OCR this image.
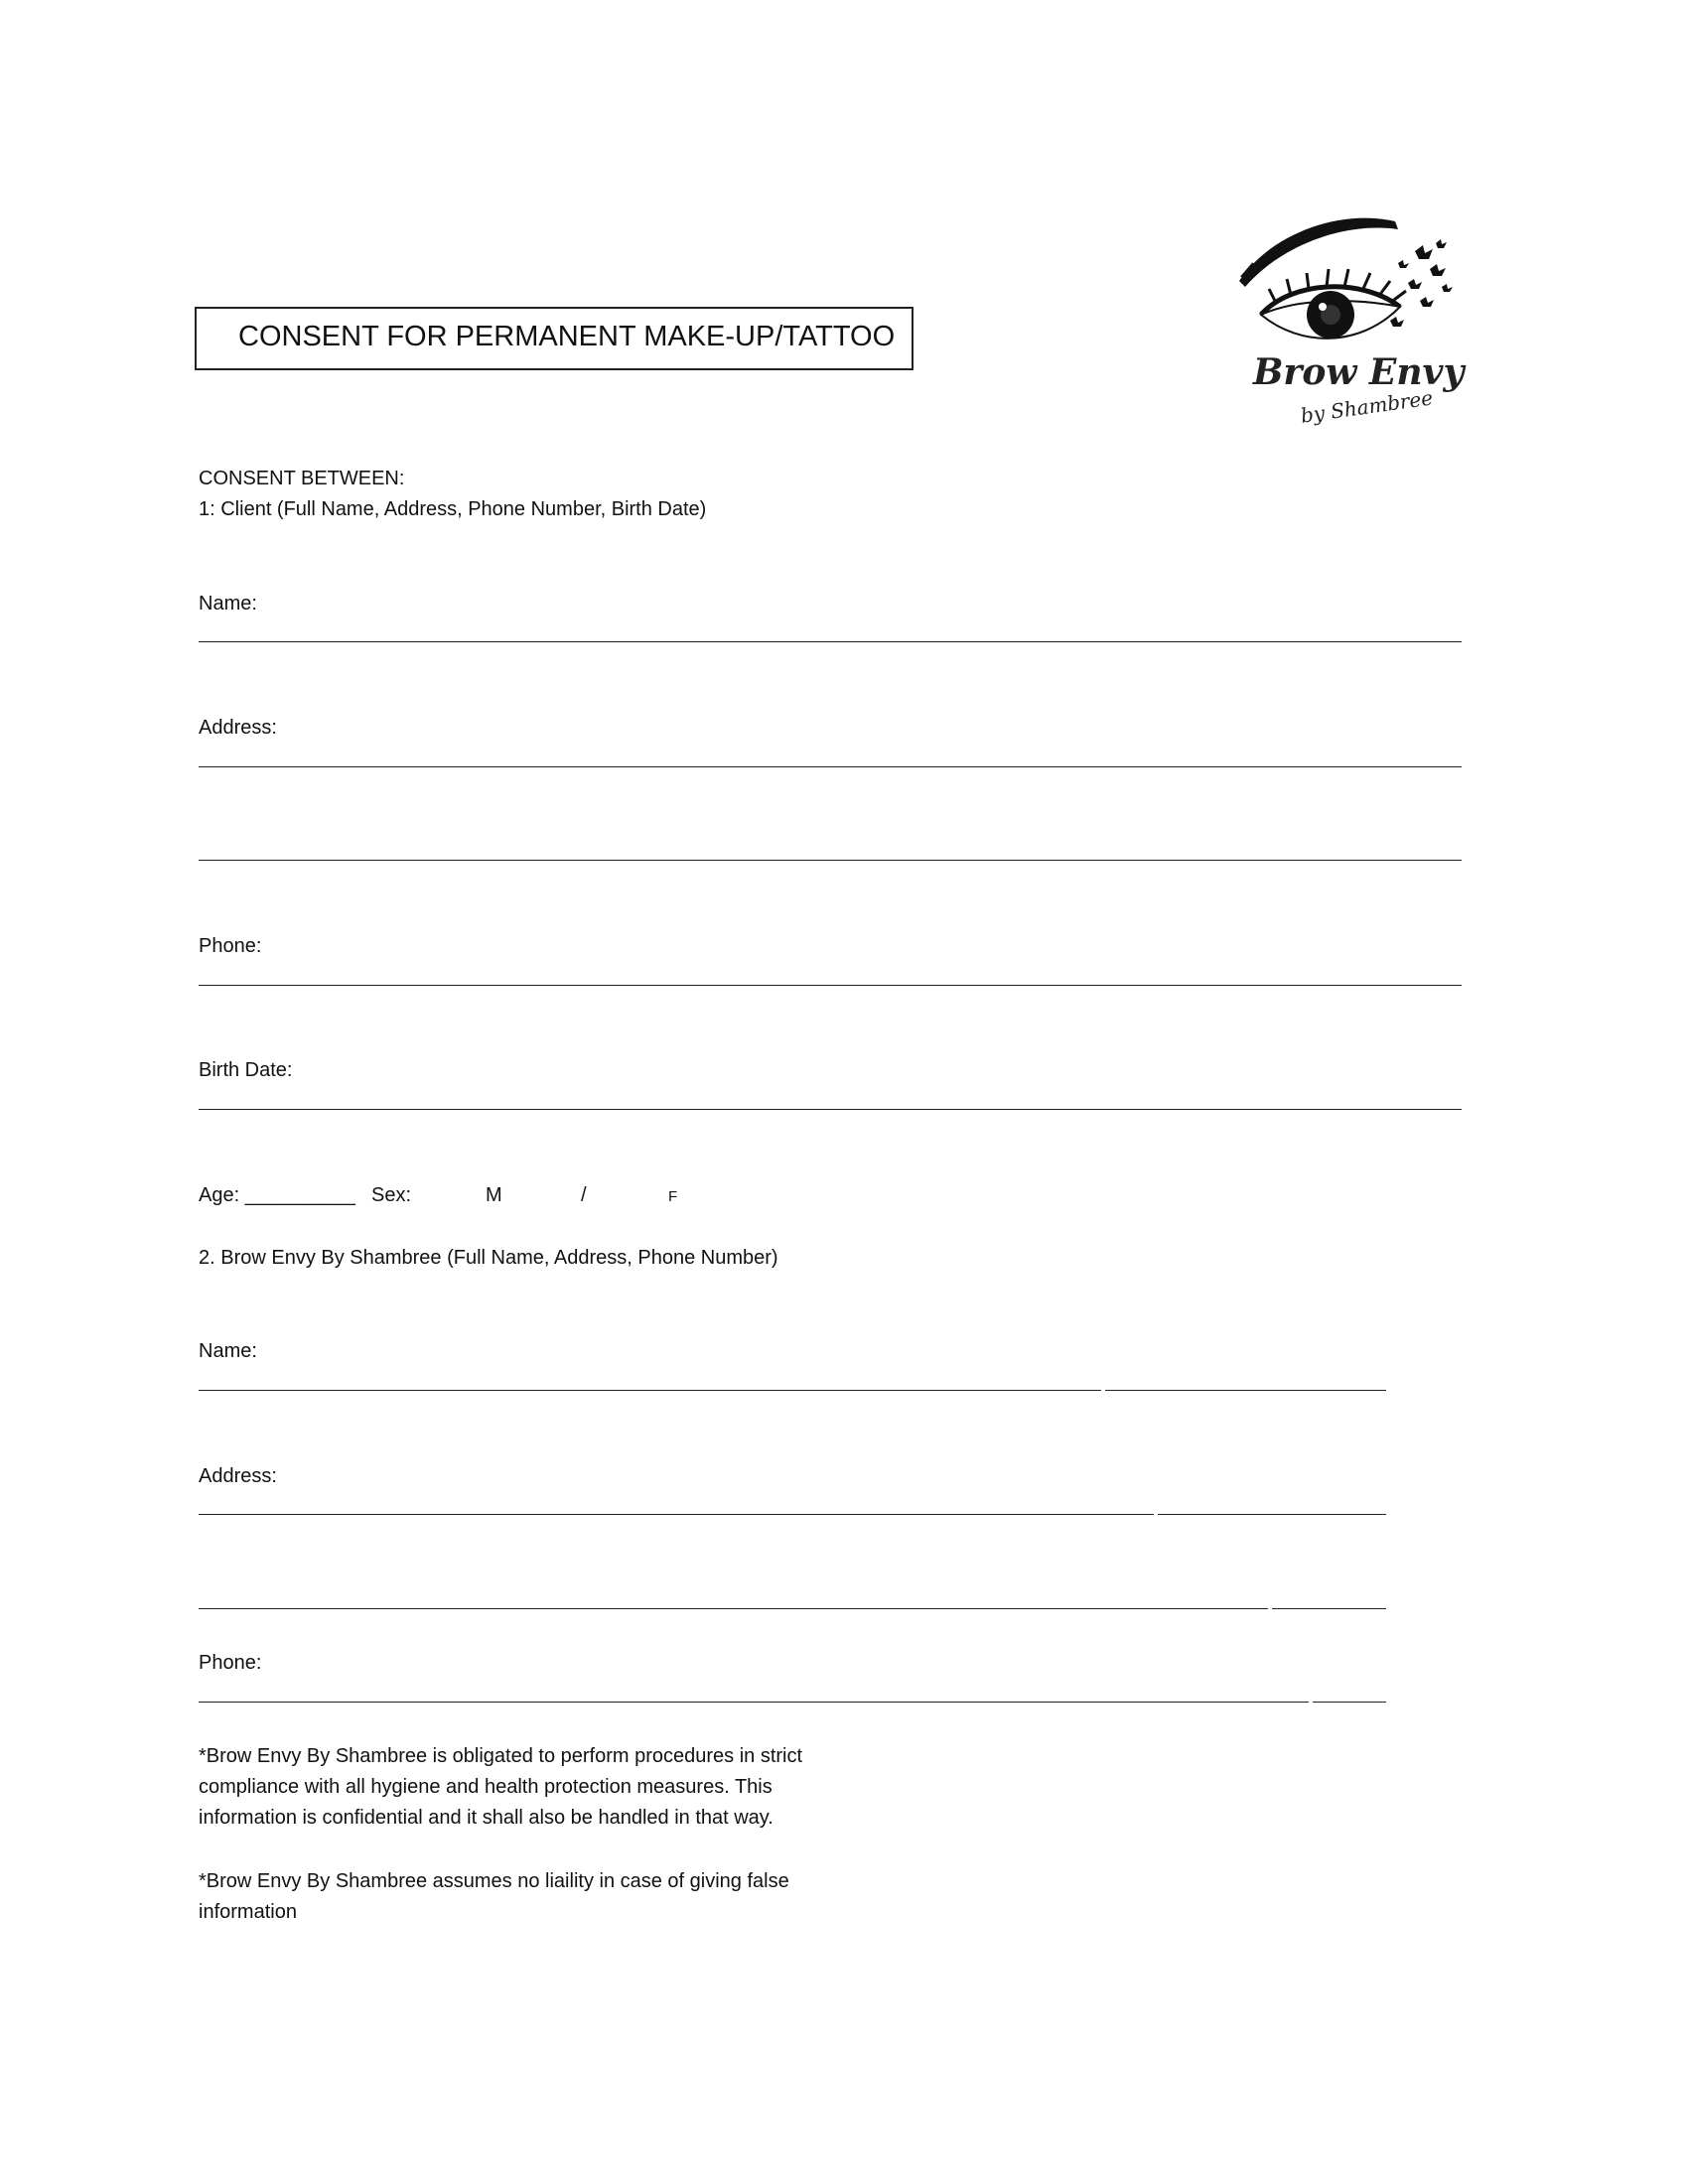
CONSENT FOR PERMANENT MAKE-UP/TATTOO
Brow Envy
by Shambree
CONSENT BETWEEN:
1: Client (Full Name, Address, Phone Number, Birth Date)
Name:
Address:
Phone:
Birth Date:
Age: __________ Sex:	M	/	F
2. Brow Envy By Shambree (Full Name, Address, Phone Number)
Name:
Address:
Phone:

*Brow Envy By Shambree is obligated to perform procedures in strict compliance with all hygiene and health protection measures. This information is confidential and it shall also be handled in that way.

*Brow Envy By Shambree assumes no liaility in case of giving false information
